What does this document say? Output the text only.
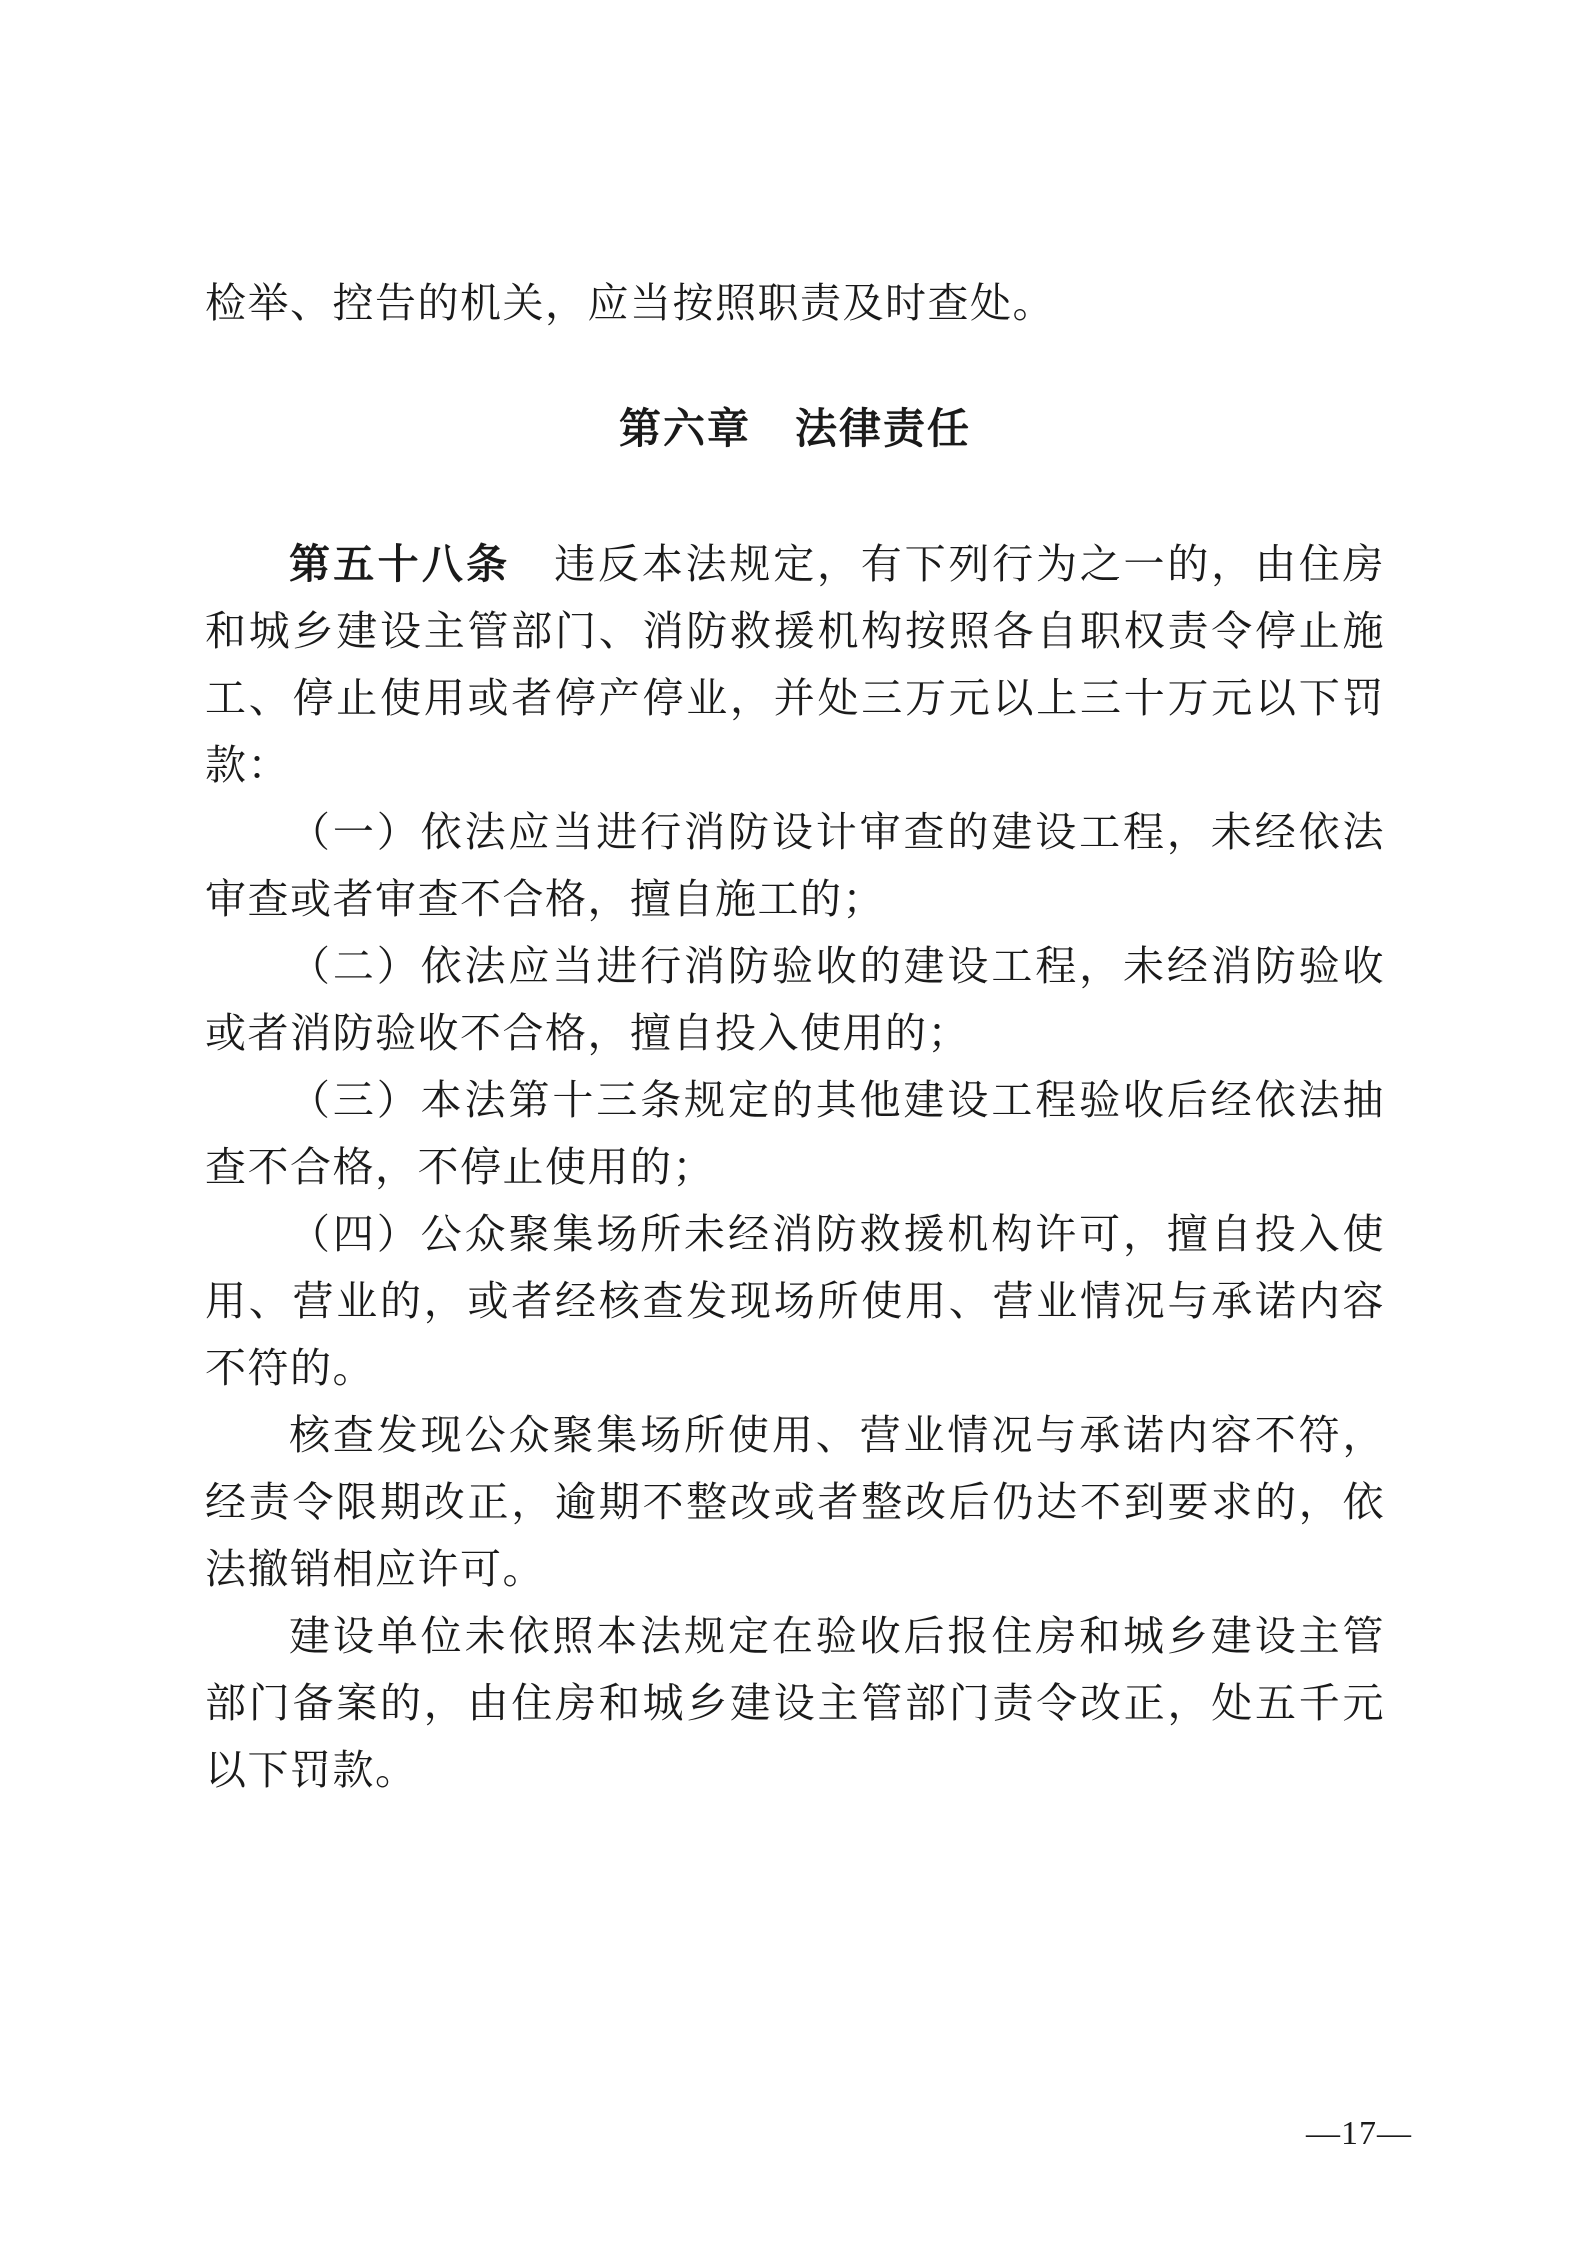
检举、控告的机关，应当按照职责及时查处。

第六章　法律责任

第五十八条　 违反本法规定，有下列行为之一的，由住房和城乡建设主管部门、消防救援机构按照各自职权责令停止施工、停止使用或者停产停业，并处三万元以上三十万元以下罚款：

（一）依法应当进行消防设计审查的建设工程，未经依法审查或者审查不合格，擅自施工的；

（二）依法应当进行消防验收的建设工程，未经消防验收或者消防验收不合格，擅自投入使用的；

（三）本法第十三条规定的其他建设工程验收后经依法抽查不合格，不停止使用的；

（四）公众聚集场所未经消防救援机构许可，擅自投入使用、营业的，或者经核查发现场所使用、营业情况与承诺内容不符的。

核查发现公众聚集场所使用、营业情况与承诺内容不符，经责令限期改正，逾期不整改或者整改后仍达不到要求的，依法撤销相应许可。

建设单位未依照本法规定在验收后报住房和城乡建设主管部门备案的，由住房和城乡建设主管部门责令改正，处五千元以下罚款。

—17—
